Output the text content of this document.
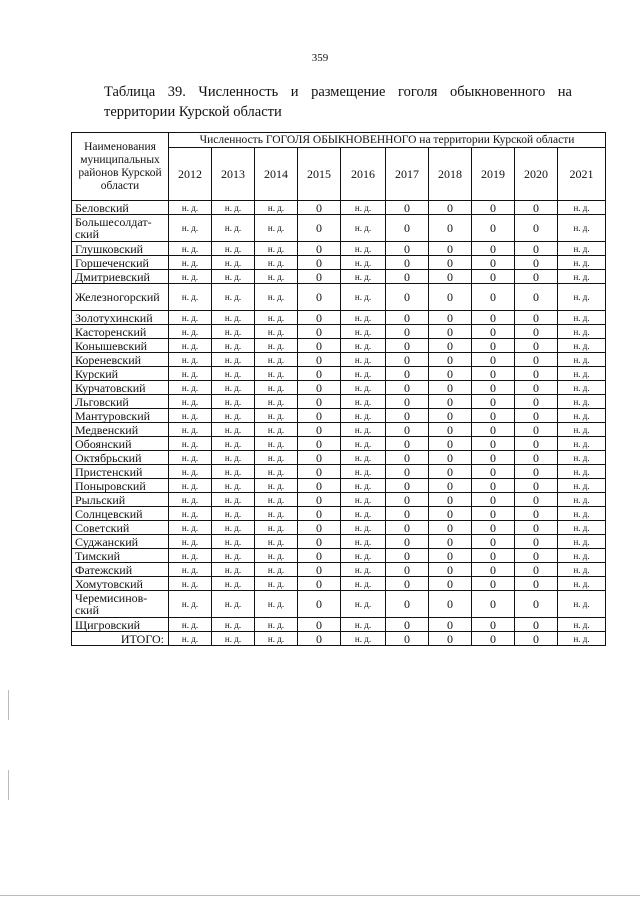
359
Таблица 39. Численность и размещение гоголя обыкновенного на
территории Курской области
Наименования муниципальных районов Курской области	Численность ГОГОЛЯ ОБЫКНОВЕННОГО на территории Курской области									
	2012	2013	2014	2015	2016	2017	2018	2019	2020	2021
Беловский	н. д.	н. д.	н. д.	0	н. д.	0	0	0	0	н. д.
Большесолдат-ский	н. д.	н. д.	н. д.	0	н. д.	0	0	0	0	н. д.
Глушковский	н. д.	н. д.	н. д.	0	н. д.	0	0	0	0	н. д.
Горшеченский	н. д.	н. д.	н. д.	0	н. д.	0	0	0	0	н. д.
Дмитриевский	н. д.	н. д.	н. д.	0	н. д.	0	0	0	0	н. д.
Железногорский	н. д.	н. д.	н. д.	0	н. д.	0	0	0	0	н. д.
Золотухинский	н. д.	н. д.	н. д.	0	н. д.	0	0	0	0	н. д.
Касторенский	н. д.	н. д.	н. д.	0	н. д.	0	0	0	0	н. д.
Конышевский	н. д.	н. д.	н. д.	0	н. д.	0	0	0	0	н. д.
Кореневский	н. д.	н. д.	н. д.	0	н. д.	0	0	0	0	н. д.
Курский	н. д.	н. д.	н. д.	0	н. д.	0	0	0	0	н. д.
Курчатовский	н. д.	н. д.	н. д.	0	н. д.	0	0	0	0	н. д.
Льговский	н. д.	н. д.	н. д.	0	н. д.	0	0	0	0	н. д.
Мантуровский	н. д.	н. д.	н. д.	0	н. д.	0	0	0	0	н. д.
Медвенский	н. д.	н. д.	н. д.	0	н. д.	0	0	0	0	н. д.
Обоянский	н. д.	н. д.	н. д.	0	н. д.	0	0	0	0	н. д.
Октябрьский	н. д.	н. д.	н. д.	0	н. д.	0	0	0	0	н. д.
Пристенский	н. д.	н. д.	н. д.	0	н. д.	0	0	0	0	н. д.
Поныровский	н. д.	н. д.	н. д.	0	н. д.	0	0	0	0	н. д.
Рыльский	н. д.	н. д.	н. д.	0	н. д.	0	0	0	0	н. д.
Солнцевский	н. д.	н. д.	н. д.	0	н. д.	0	0	0	0	н. д.
Советский	н. д.	н. д.	н. д.	0	н. д.	0	0	0	0	н. д.
Суджанский	н. д.	н. д.	н. д.	0	н. д.	0	0	0	0	н. д.
Тимский	н. д.	н. д.	н. д.	0	н. д.	0	0	0	0	н. д.
Фатежский	н. д.	н. д.	н. д.	0	н. д.	0	0	0	0	н. д.
Хомутовский	н. д.	н. д.	н. д.	0	н. д.	0	0	0	0	н. д.
Черемисинов-ский	н. д.	н. д.	н. д.	0	н. д.	0	0	0	0	н. д.
Щигровский	н. д.	н. д.	н. д.	0	н. д.	0	0	0	0	н. д.
ИТОГО:	н. д.	н. д.	н. д.	0	н. д.	0	0	0	0	н. д.
